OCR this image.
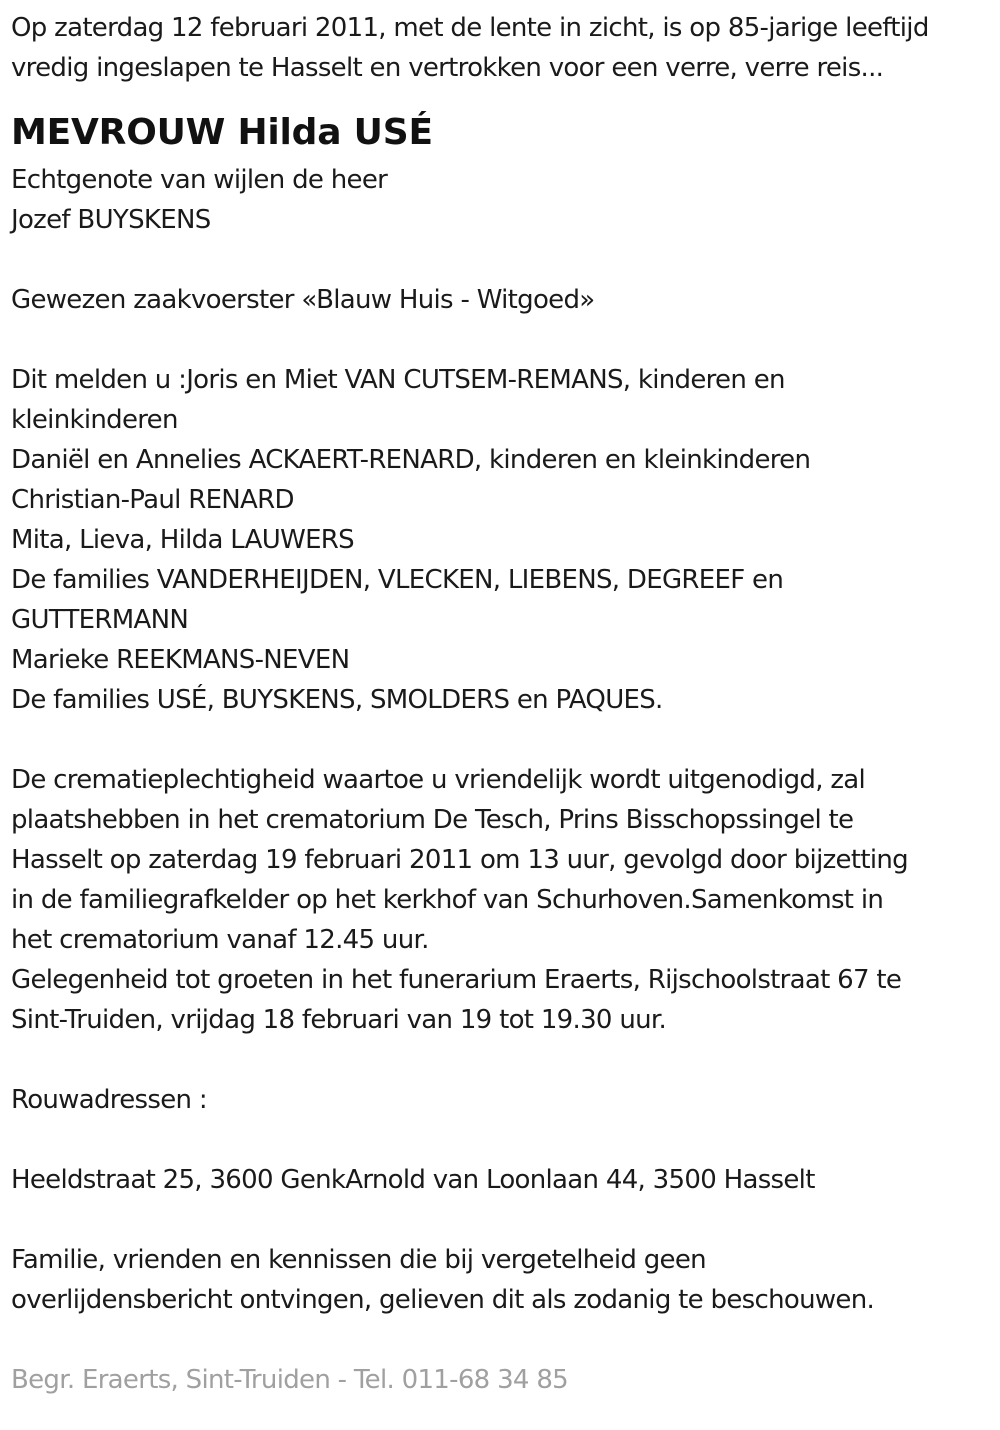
Op zaterdag 12 februari 2011, met de lente in zicht, is op 85-jarige leeftijd
vredig ingeslapen te Hasselt en vertrokken voor een verre, verre reis...
MEVROUW Hilda USÉ
Echtgenote van wijlen de heer
Jozef BUYSKENS
Gewezen zaakvoerster «Blauw Huis - Witgoed»
Dit melden u :Joris en Miet VAN CUTSEM-REMANS, kinderen en
kleinkinderen
Daniël en Annelies ACKAERT-RENARD, kinderen en kleinkinderen
Christian-Paul RENARD
Mita, Lieva, Hilda LAUWERS
De families VANDERHEIJDEN, VLECKEN, LIEBENS, DEGREEF en
GUTTERMANN
Marieke REEKMANS-NEVEN
De families USÉ, BUYSKENS, SMOLDERS en PAQUES.
De crematieplechtigheid waartoe u vriendelijk wordt uitgenodigd, zal
plaatshebben in het crematorium De Tesch, Prins Bisschopssingel te
Hasselt op zaterdag 19 februari 2011 om 13 uur, gevolgd door bijzetting
in de familiegrafkelder op het kerkhof van Schurhoven.Samenkomst in
het crematorium vanaf 12.45 uur.
Gelegenheid tot groeten in het funerarium Eraerts, Rijschoolstraat 67 te
Sint-Truiden, vrijdag 18 februari van 19 tot 19.30 uur.
Rouwadressen :
Heeldstraat 25, 3600 GenkArnold van Loonlaan 44, 3500 Hasselt
Familie, vrienden en kennissen die bij vergetelheid geen
overlijdensbericht ontvingen, gelieven dit als zodanig te beschouwen.
Begr. Eraerts, Sint-Truiden - Tel. 011-68 34 85
